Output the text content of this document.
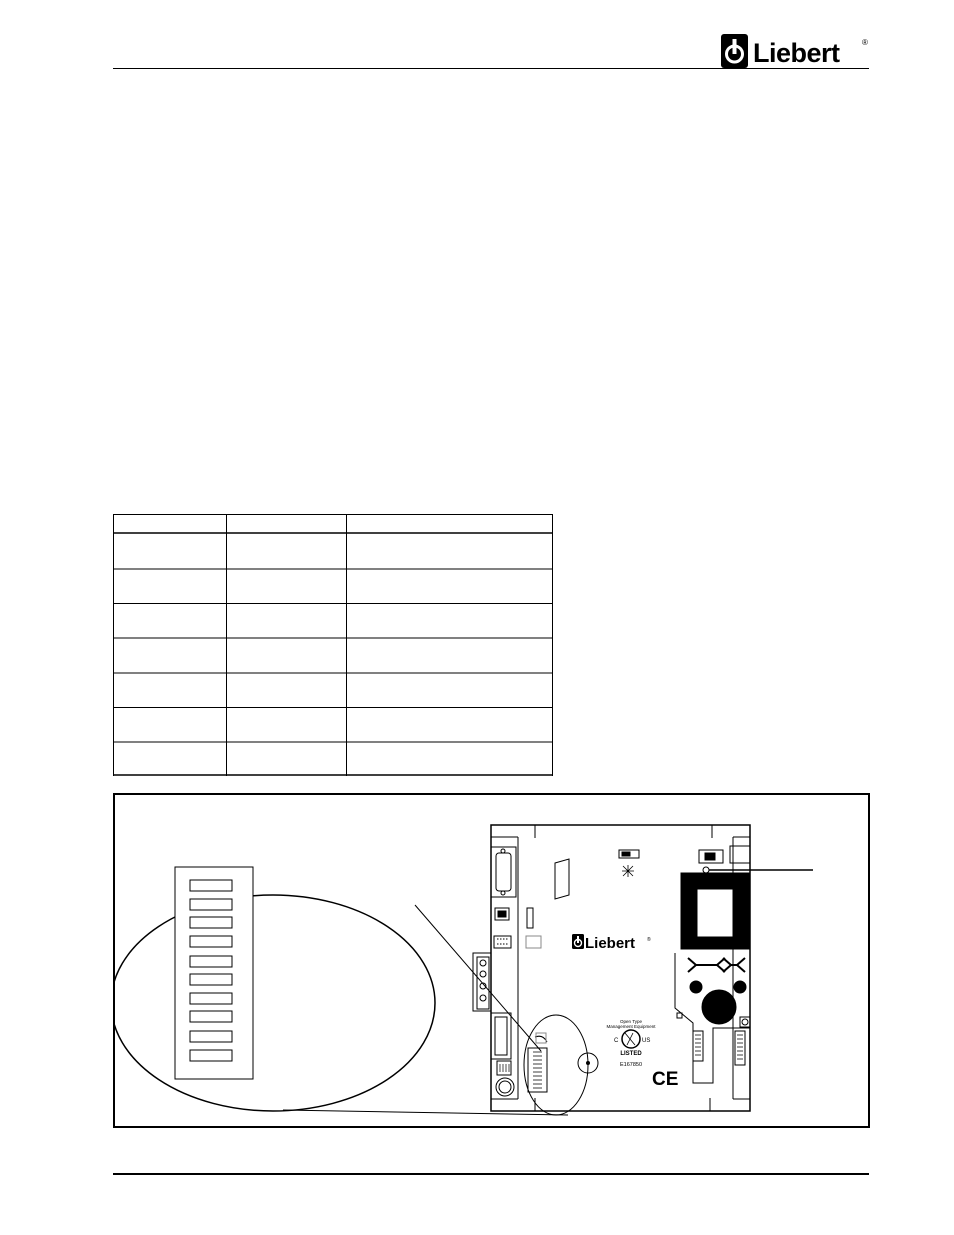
Liebert	®
Liebert ®
Open Type
Management Equipment
C	US
LISTED
E167850
CE
